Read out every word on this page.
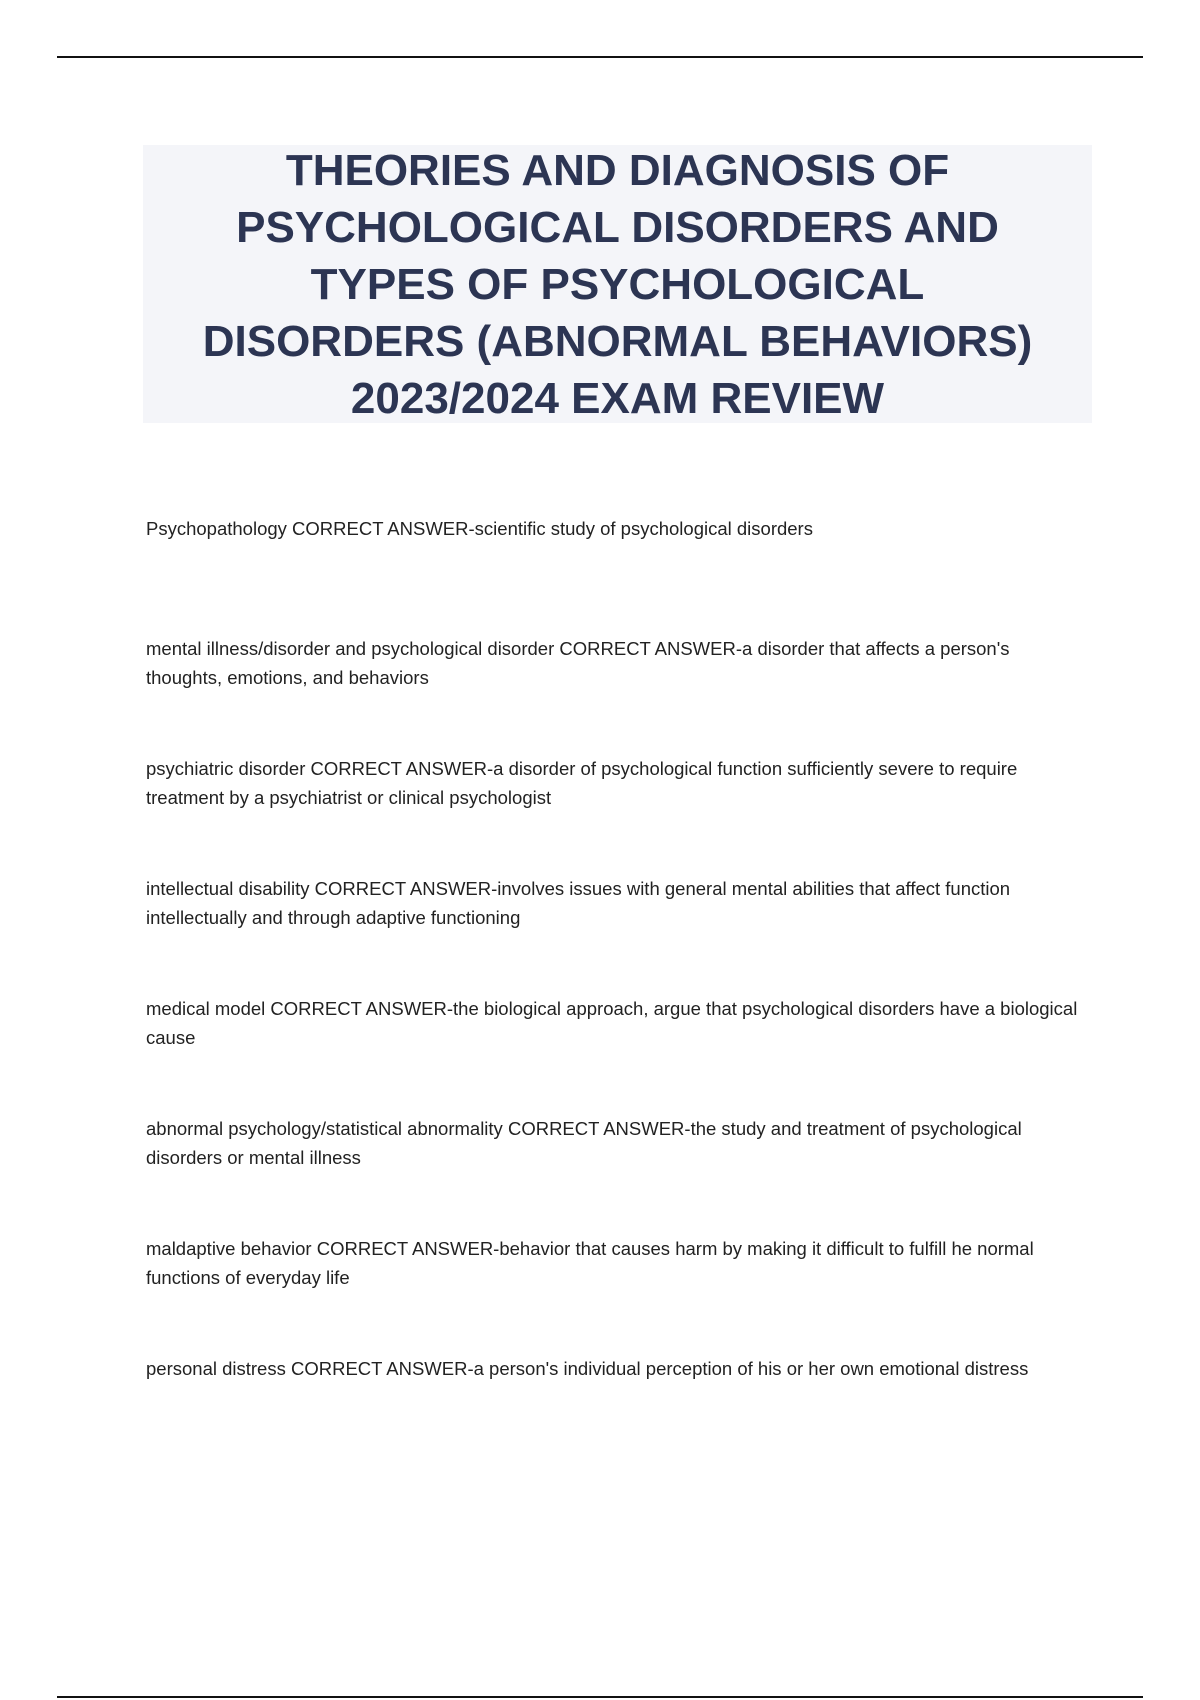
THEORIES AND DIAGNOSIS OF
PSYCHOLOGICAL DISORDERS AND
TYPES OF PSYCHOLOGICAL
DISORDERS (ABNORMAL BEHAVIORS)
2023/2024 EXAM REVIEW
Psychopathology CORRECT ANSWER-scientific study of psychological disorders
mental illness/disorder and psychological disorder CORRECT ANSWER-a disorder that affects a person's thoughts, emotions, and behaviors
psychiatric disorder CORRECT ANSWER-a disorder of psychological function sufficiently severe to require treatment by a psychiatrist or clinical psychologist
intellectual disability CORRECT ANSWER-involves issues with general mental abilities that affect function intellectually and through adaptive functioning
medical model CORRECT ANSWER-the biological approach, argue that psychological disorders have a biological cause
abnormal psychology/statistical abnormality CORRECT ANSWER-the study and treatment of psychological disorders or mental illness
maldaptive behavior CORRECT ANSWER-behavior that causes harm by making it difficult to fulfill he normal functions of everyday life
personal distress CORRECT ANSWER-a person's individual perception of his or her own emotional distress
